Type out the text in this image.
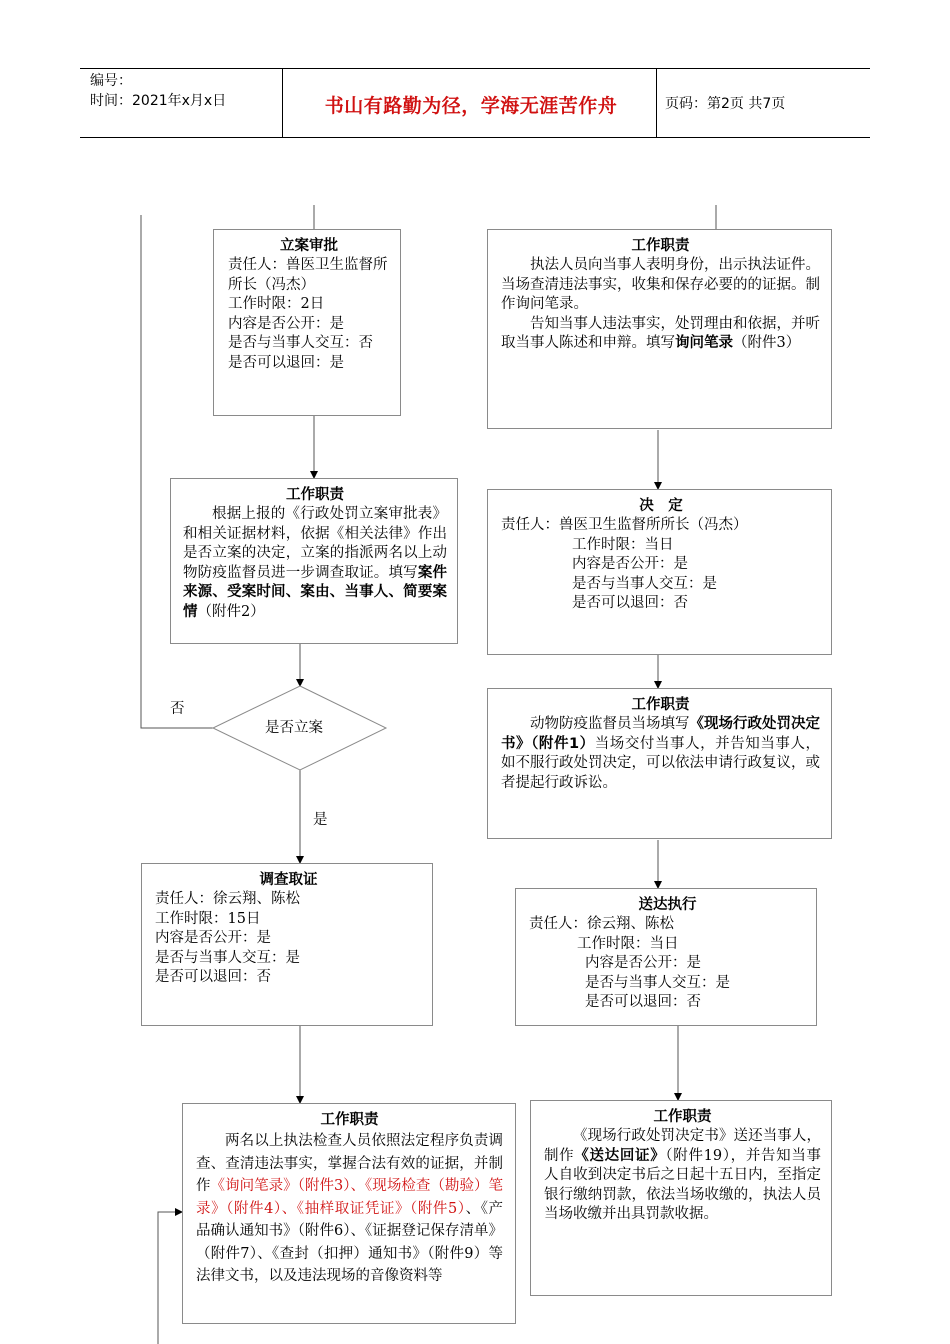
编号：
时间：2021年x月x日	书山有路勤为径，学海无涯苦作舟	页码：第2页 共7页
是否立案
否
是
立案审批

责任人：兽医卫生监督所所长（冯杰）

工作时限：2日

内容是否公开：是

是否与当事人交互：否

是否可以退回：是

工作职责

根据上报的《行政处罚立案审批表》和相关证据材料，依据《相关法律》作出是否立案的决定，立案的指派两名以上动物防疫监督员进一步调查取证。填写案件来源、受案时间、案由、当事人、简要案情（附件2）

调查取证

责任人：徐云翔、陈松

工作时限：15日

内容是否公开：是

是否与当事人交互：是

是否可以退回：否

工作职责

两名以上执法检查人员依照法定程序负责调查、查清违法事实，掌握合法有效的证据，并制作《询问笔录》（附件3）、《现场检查（勘验）笔录》（附件4）、《抽样取证凭证》（附件5）、《产品确认通知书》（附件6）、《证据登记保存清单》（附件7）、《查封（扣押）通知书》（附件9）等法律文书，以及违法现场的音像资料等

工作职责

执法人员向当事人表明身份，出示执法证件。当场查清违法事实，收集和保存必要的的证据。制作询问笔录。

告知当事人违法事实，处罚理由和依据，并听取当事人陈述和申辩。填写询问笔录（附件3）

决　定

责任人：兽医卫生监督所所长（冯杰）

工作时限：当日

内容是否公开：是

是否与当事人交互：是

是否可以退回：否

工作职责

动物防疫监督员当场填写《现场行政处罚决定书》（附件1）当场交付当事人，并告知当事人，如不服行政处罚决定，可以依法申请行政复议，或者提起行政诉讼。

送达执行

责任人：徐云翔、陈松

工作时限：当日

内容是否公开：是

是否与当事人交互：是

是否可以退回：否

工作职责

《现场行政处罚决定书》送还当事人，制作《送达回证》（附件19），并告知当事人自收到决定书后之日起十五日内，至指定银行缴纳罚款，依法当场收缴的，执法人员当场收缴并出具罚款收据。
